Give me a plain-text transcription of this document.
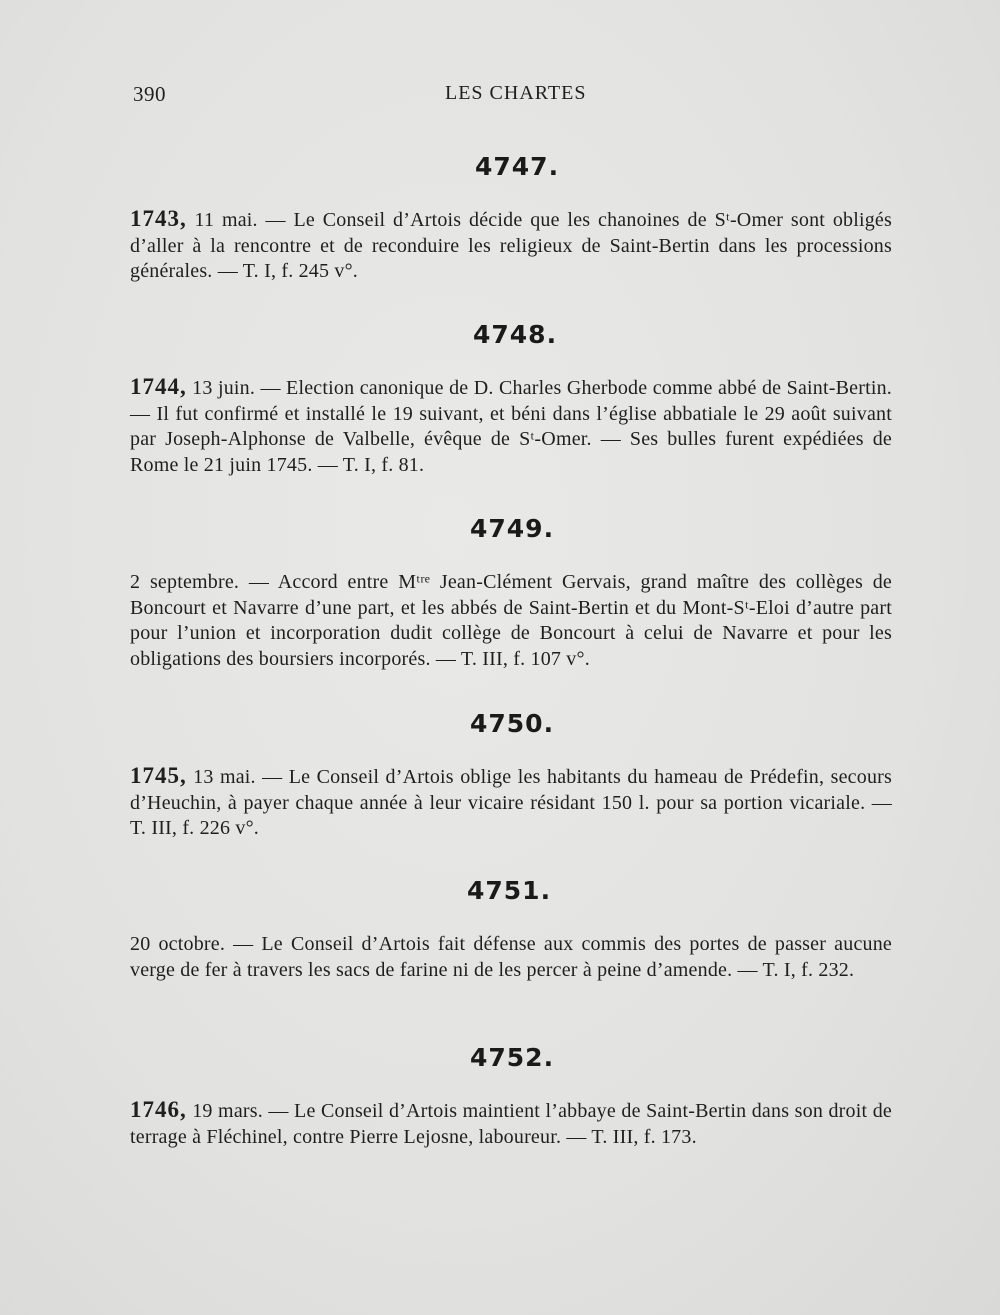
390	LES CHARTES
4747.
1743, 11 mai. — Le Conseil d’Artois décide que les chanoines de Sᵗ-Omer sont obligés d’aller à la rencontre et de reconduire les religieux de Saint-Bertin dans les processions générales. — T. I, f. 245 v°.
4748.
1744, 13 juin. — Election canonique de D. Charles Gherbode comme abbé de Saint-Bertin. — Il fut confirmé et installé le 19 suivant, et béni dans l’église abbatiale le 29 août suivant par Joseph-Alphonse de Valbelle, évêque de Sᵗ-Omer. — Ses bulles furent expédiées de Rome le 21 juin 1745. — T. I, f. 81.
4749.
2 septembre. — Accord entre Mᵗʳᵉ Jean-Clément Gervais, grand maître des collèges de Boncourt et Navarre d’une part, et les abbés de Saint-Bertin et du Mont-Sᵗ-Eloi d’autre part pour l’union et incorporation dudit collège de Boncourt à celui de Navarre et pour les obligations des boursiers incorporés. — T. III, f. 107 v°.
4750.
1745, 13 mai. — Le Conseil d’Artois oblige les habitants du hameau de Prédefin, secours d’Heuchin, à payer chaque année à leur vicaire résidant 150 l. pour sa portion vicariale. — T. III, f. 226 v°.
4751.
20 octobre. — Le Conseil d’Artois fait défense aux commis des portes de passer aucune verge de fer à travers les sacs de farine ni de les percer à peine d’amende. — T. I, f. 232.
4752.
1746, 19 mars. — Le Conseil d’Artois maintient l’abbaye de Saint-Bertin dans son droit de terrage à Fléchinel, contre Pierre Lejosne, laboureur. — T. III, f. 173.
